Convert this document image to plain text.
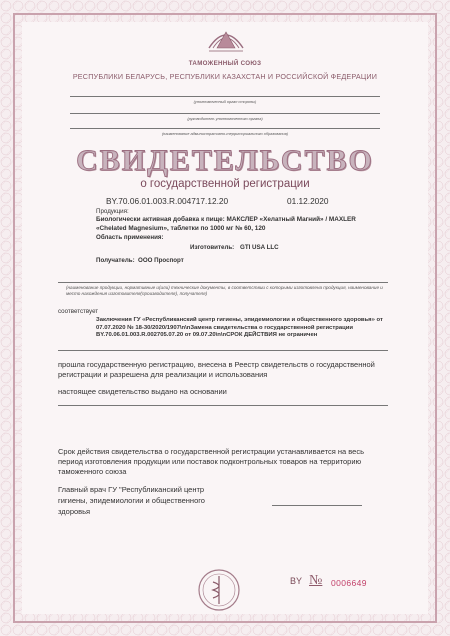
ТАМОЖЕННЫЙ СОЮЗ
РЕСПУБЛИКИ БЕЛАРУСЬ, РЕСПУБЛИКИ КАЗАХСТАН И РОССИЙСКОЙ ФЕДЕРАЦИИ
(уполномоченный орган стороны)
(руководитель уполномоченного органа)
(наименование административно-территориального образования)
СВИДЕТЕЛЬСТВО
о государственной регистрации
BY.70.06.01.003.R.004717.12.20	01.12.2020
Продукция:
Биологически активная добавка к пище: МАКСЛЕР «Хелатный Магний» / MAXLER «Chelated Magnesium», таблетки по 1000 мг № 60, 120
Область применения:
Изготовитель: GTI USA LLC
Получатель: ООО Проспорт
(наименование продукции, нормативные и(или) технические документы, в соответствии с которыми изготовлена продукция, наименование и место нахождения изготовителя(производителя), получателя)
соответствует
Заключения ГУ «Республиканский центр гигиены, эпидемиологии и общественного здоровья» от 07.07.2020 № 18-30/2020/1907\n\nЗамена свидетельства о государственной регистрации BY.70.06.01.003.R.002705.07.20 от 09.07.20\n\nСРОК ДЕЙСТВИЯ не ограничен
прошла государственную регистрацию, внесена в Реестр свидетельств о государственной регистрации и разрешена для реализации и использования
настоящее свидетельство выдано на основании
Срок действия свидетельства о государственной регистрации устанавливается на весь период изготовления продукции или поставок подконтрольных товаров на территорию таможенного союза
Главный врач ГУ "Республиканский центр гигиены, эпидемиологии и общественного здоровья
BY № 0006649
